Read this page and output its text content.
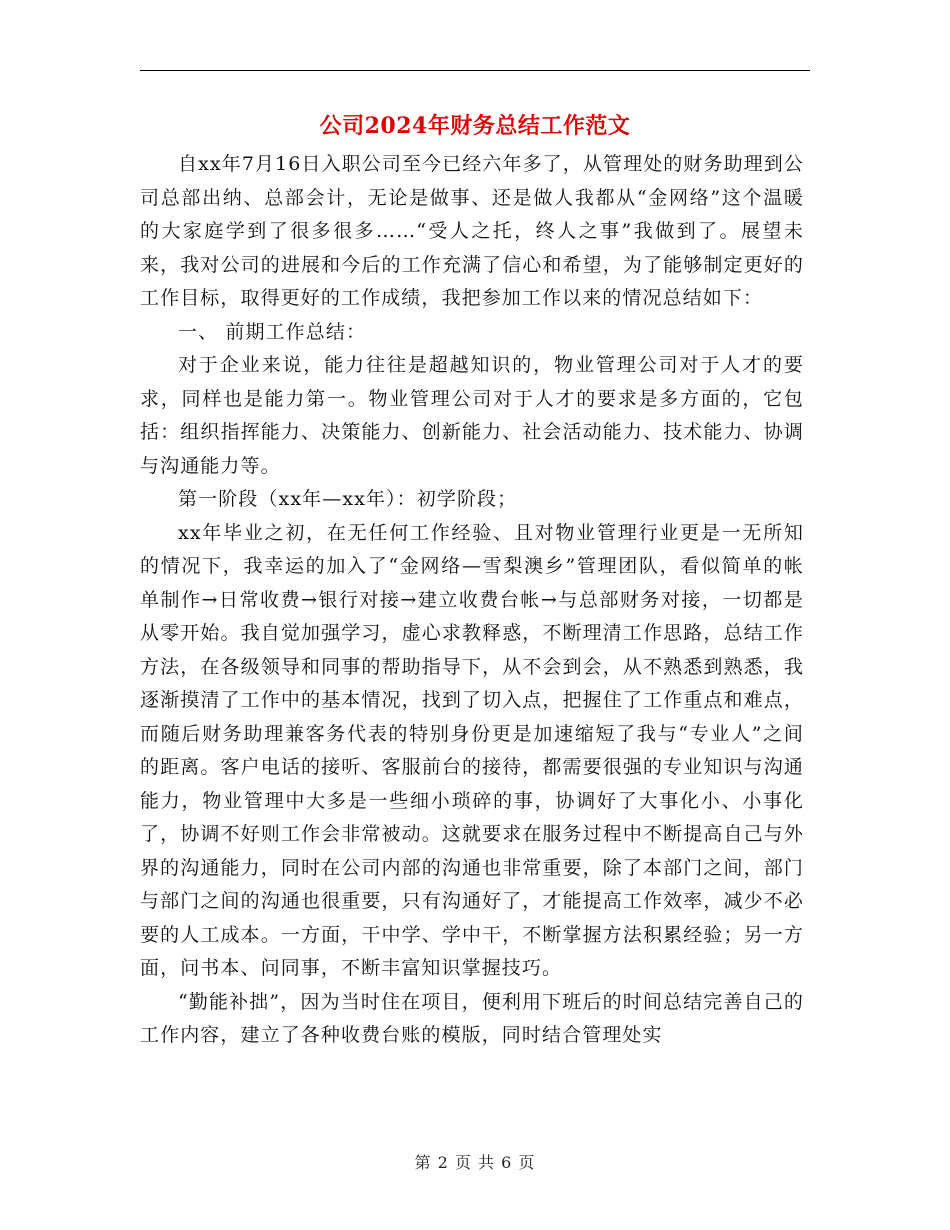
公司2024年财务总结工作范文

自xx年7月16日入职公司至今已经六年多了，从管理处的财务助理到公司总部出纳、总部会计，无论是做事、还是做人我都从“金网络”这个温暖的大家庭学到了很多很多……“受人之托，终人之事”我做到了。展望未来，我对公司的进展和今后的工作充满了信心和希望，为了能够制定更好的工作目标，取得更好的工作成绩，我把参加工作以来的情况总结如下：

一、 前期工作总结：

对于企业来说，能力往往是超越知识的，物业管理公司对于人才的要求，同样也是能力第一。物业管理公司对于人才的要求是多方面的，它包括：组织指挥能力、决策能力、创新能力、社会活动能力、技术能力、协调与沟通能力等。

第一阶段（xx年—xx年）：初学阶段；

xx年毕业之初，在无任何工作经验、且对物业管理行业更是一无所知的情况下，我幸运的加入了“金网络—雪梨澳乡”管理团队，看似简单的帐单制作→日常收费→银行对接→建立收费台帐→与总部财务对接，一切都是从零开始。我自觉加强学习，虚心求教释惑，不断理清工作思路，总结工作方法，在各级领导和同事的帮助指导下，从不会到会，从不熟悉到熟悉，我逐渐摸清了工作中的基本情况，找到了切入点，把握住了工作重点和难点，而随后财务助理兼客务代表的特别身份更是加速缩短了我与“专业人”之间的距离。客户电话的接听、客服前台的接待，都需要很强的专业知识与沟通能力，物业管理中大多是一些细小琐碎的事，协调好了大事化小、小事化了，协调不好则工作会非常被动。这就要求在服务过程中不断提高自己与外界的沟通能力，同时在公司内部的沟通也非常重要，除了本部门之间，部门与部门之间的沟通也很重要，只有沟通好了，才能提高工作效率，减少不必要的人工成本。一方面，干中学、学中干，不断掌握方法积累经验；另一方面，问书本、问同事，不断丰富知识掌握技巧。

“勤能补拙”，因为当时住在项目，便利用下班后的时间总结完善自己的工作内容，建立了各种收费台账的模版，同时结合管理处实

第 2 页 共 6 页
